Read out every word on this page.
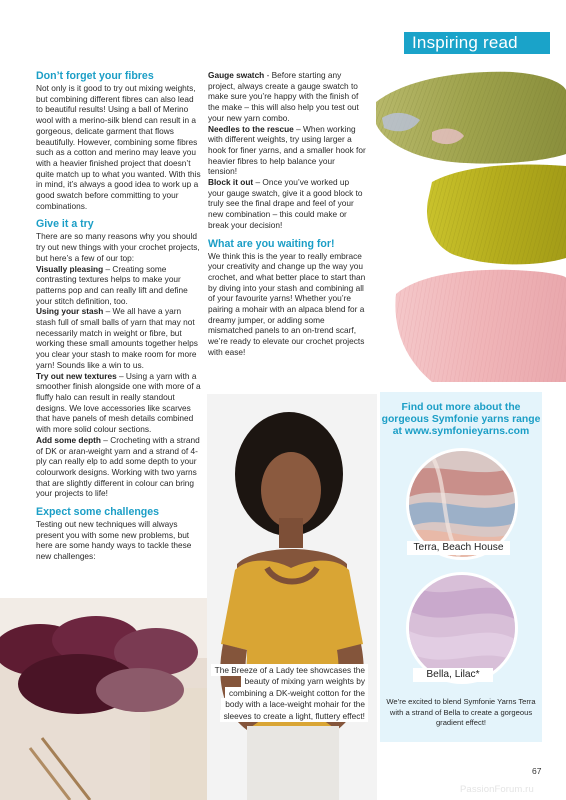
Inspiring read
Don’t forget your fibres

Not only is it good to try out mixing weights, but combining different fibres can also lead to beautiful results! Using a ball of Merino wool with a merino-silk blend can result in a gorgeous, delicate garment that flows beautifully. However, combining some fibres such as a cotton and merino may leave you with a heavier finished project that doesn’t quite match up to what you wanted. With this in mind, it’s always a good idea to work up a good swatch before committing to your combinations.

Give it a try

There are so many reasons why you should try out new things with your crochet projects, but here’s a few of our top:

Visually pleasing – Creating some contrasting textures helps to make your patterns pop and can really lift and define your stitch definition, too.

Using your stash – We all have a yarn stash full of small balls of yarn that may not necessarily match in weight or fibre, but working these small amounts together helps you clear your stash to make room for more yarn! Sounds like a win to us.

Try out new textures – Using a yarn with a smoother finish alongside one with more of a fluffy halo can result in really standout designs. We love accessories like scarves that have panels of mesh details combined with more solid colour sections.

Add some depth – Crocheting with a strand of DK or aran-weight yarn and a strand of 4-ply can really elp to add some depth to your colourwork designs. Working with two yarns that are slightly different in colour can bring your projects to life!

Expect some challenges

Testing out new techniques will always present you with some new problems, but here are some handy ways to tackle these new challenges:

Gauge swatch - Before starting any project, always create a gauge swatch to make sure you’re happy with the finish of the make – this will also help you test out your new yarn combo.

Needles to the rescue – When working with different weights, try using larger a hook for finer yarns, and a smaller hook for heavier fibres to help balance your tension!

Block it out – Once you’ve worked up your gauge swatch, give it a good block to truly see the final drape and feel of your new combination – this could make or break your decision!

What are you waiting for!

We think this is the year to really embrace your creativity and change up the way you crochet, and what better place to start than by diving into your stash and combining all of your favourite yarns! Whether you’re pairing a mohair with an alpaca blend for a dreamy jumper, or adding some mismatched panels to an on-trend scarf, we’re ready to elevate our crochet projects with ease!

The Breeze of a Lady tee showcases the beauty of mixing yarn weights by combining a DK-weight cotton for the body with a lace-weight mohair for the sleeves to create a light, fluttery effect!
Find out more about the
gorgeous Symfonie yarns range
at www.symfonieyarns.com
Terra, Beach House
Bella, Lilac*
We’re excited to blend Symfonie Yarns Terra with a strand of Bella to create a gorgeous gradient effect!
67
PassionForum.ru
